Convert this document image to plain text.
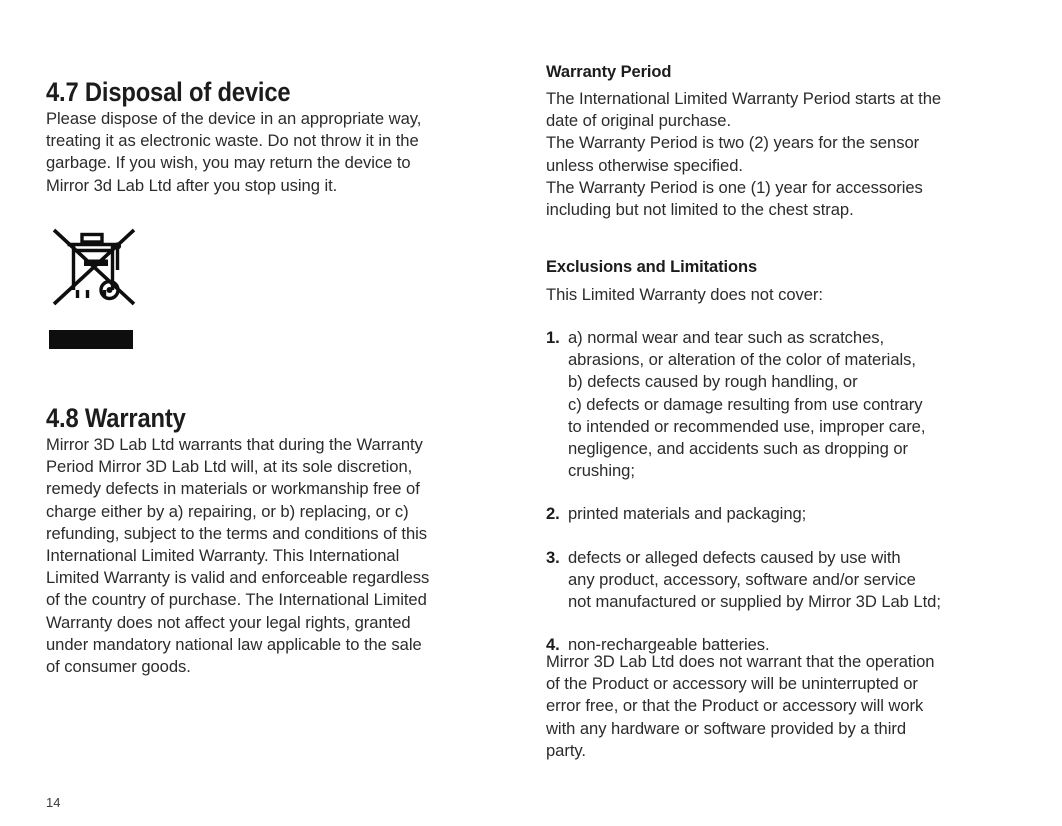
4.7 Disposal of device
Please dispose of the device in an appropriate way,
treating it as electronic waste. Do not throw it in the
garbage. If you wish, you may return the device to
Mirror 3d Lab Ltd after you stop using it.
4.8 Warranty
Mirror 3D Lab Ltd warrants that during the Warranty
Period Mirror 3D Lab Ltd will, at its sole discretion,
remedy defects in materials or workmanship free of
charge either by a) repairing, or b) replacing, or c)
refunding, subject to the terms and conditions of this
International Limited Warranty. This International
Limited Warranty is valid and enforceable regardless
of the country of purchase. The International Limited
Warranty does not affect your legal rights, granted
under mandatory national law applicable to the sale
of consumer goods.
Warranty Period
The International Limited Warranty Period starts at the
date of original purchase.
The Warranty Period is two (2) years for the sensor
unless otherwise specified.
The Warranty Period is one (1) year for accessories
including but not limited to the chest strap.
Exclusions and Limitations
This Limited Warranty does not cover:
1. a) normal wear and tear such as scratches,
abrasions, or alteration of the color of materials,
b) defects caused by rough handling, or
c) defects or damage resulting from use contrary
to intended or recommended use, improper care,
negligence, and accidents such as dropping or
crushing;
2. printed materials and packaging;
3. defects or alleged defects caused by use with
any product, accessory, software and/or service
not manufactured or supplied by Mirror 3D Lab Ltd;
4. non-rechargeable batteries.
Mirror 3D Lab Ltd does not warrant that the operation
of the Product or accessory will be uninterrupted or
error free, or that the Product or accessory will work
with any hardware or software provided by a third
party.
14
